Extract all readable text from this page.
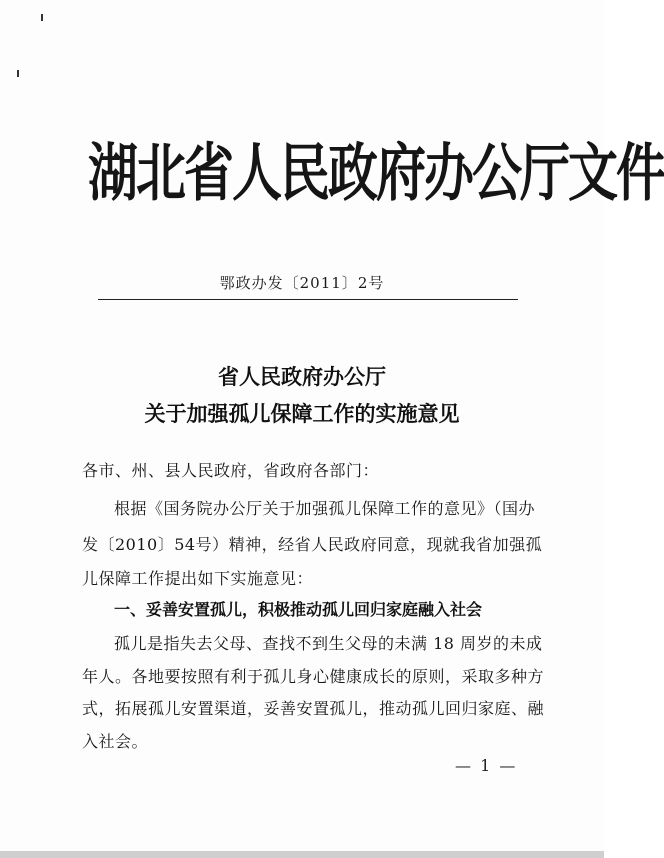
湖北省人民政府办公厅文件
鄂政办发〔2011〕2号
省人民政府办公厅
关于加强孤儿保障工作的实施意见
各市、州、县人民政府，省政府各部门：
根据《国务院办公厅关于加强孤儿保障工作的意见》（国办
发〔2010〕54号）精神，经省人民政府同意，现就我省加强孤
儿保障工作提出如下实施意见：
一、妥善安置孤儿，积极推动孤儿回归家庭融入社会
孤儿是指失去父母、查找不到生父母的未满 18 周岁的未成
年人。各地要按照有利于孤儿身心健康成长的原则，采取多种方
式，拓展孤儿安置渠道，妥善安置孤儿，推动孤儿回归家庭、融
入社会。
— 1 —
